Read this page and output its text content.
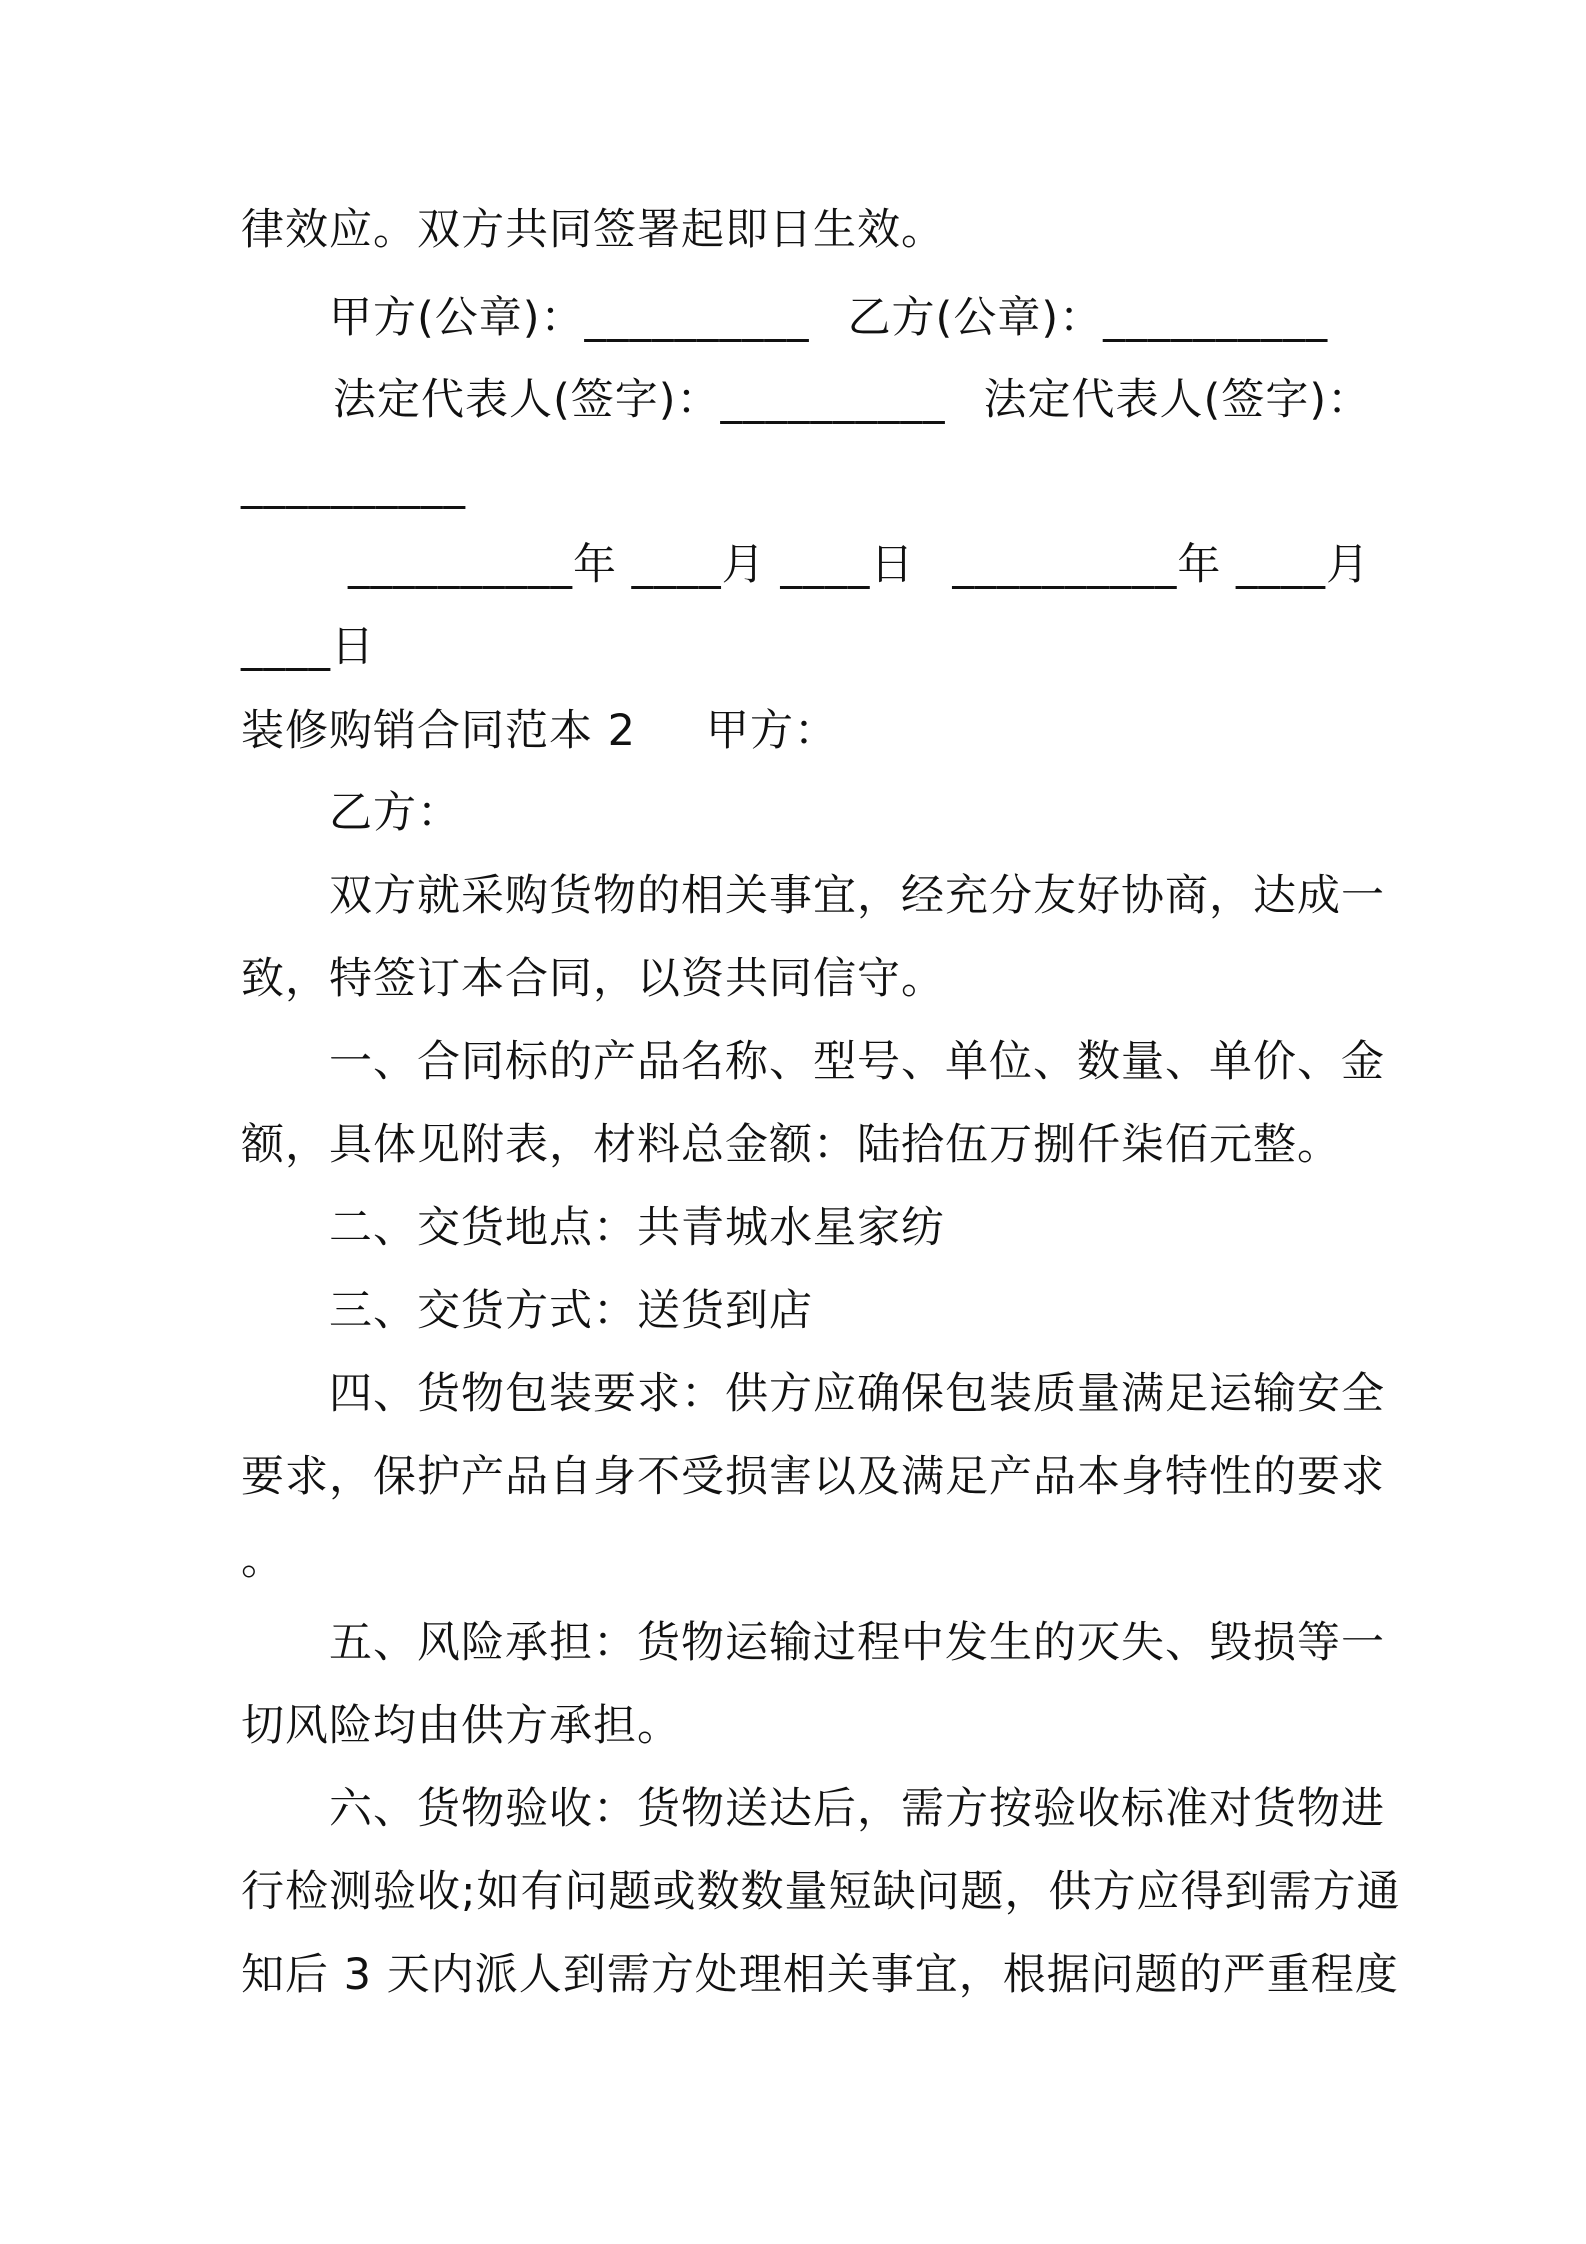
律效应。双方共同签署起即日生效。
甲方(公章)：__________ 乙方(公章)：__________
法定代表人(签字)：__________ 法定代表人(签字)：
__________
__________年 ____月 ____日 __________年 ____月
____日
装修购销合同范本 2 甲方：
乙方：
双方就采购货物的相关事宜，经充分友好协商，达成一
致，特签订本合同，以资共同信守。
一、合同标的产品名称、型号、单位、数量、单价、金
额，具体见附表，材料总金额：陆拾伍万捌仟柒佰元整。
二、交货地点：共青城水星家纺
三、交货方式：送货到店
四、货物包装要求：供方应确保包装质量满足运输安全
要求，保护产品自身不受损害以及满足产品本身特性的要求
。
五、风险承担：货物运输过程中发生的灭失、毁损等一
切风险均由供方承担。
六、货物验收：货物送达后，需方按验收标准对货物进
行检测验收;如有问题或数数量短缺问题，供方应得到需方通
知后 3 天内派人到需方处理相关事宜，根据问题的严重程度
